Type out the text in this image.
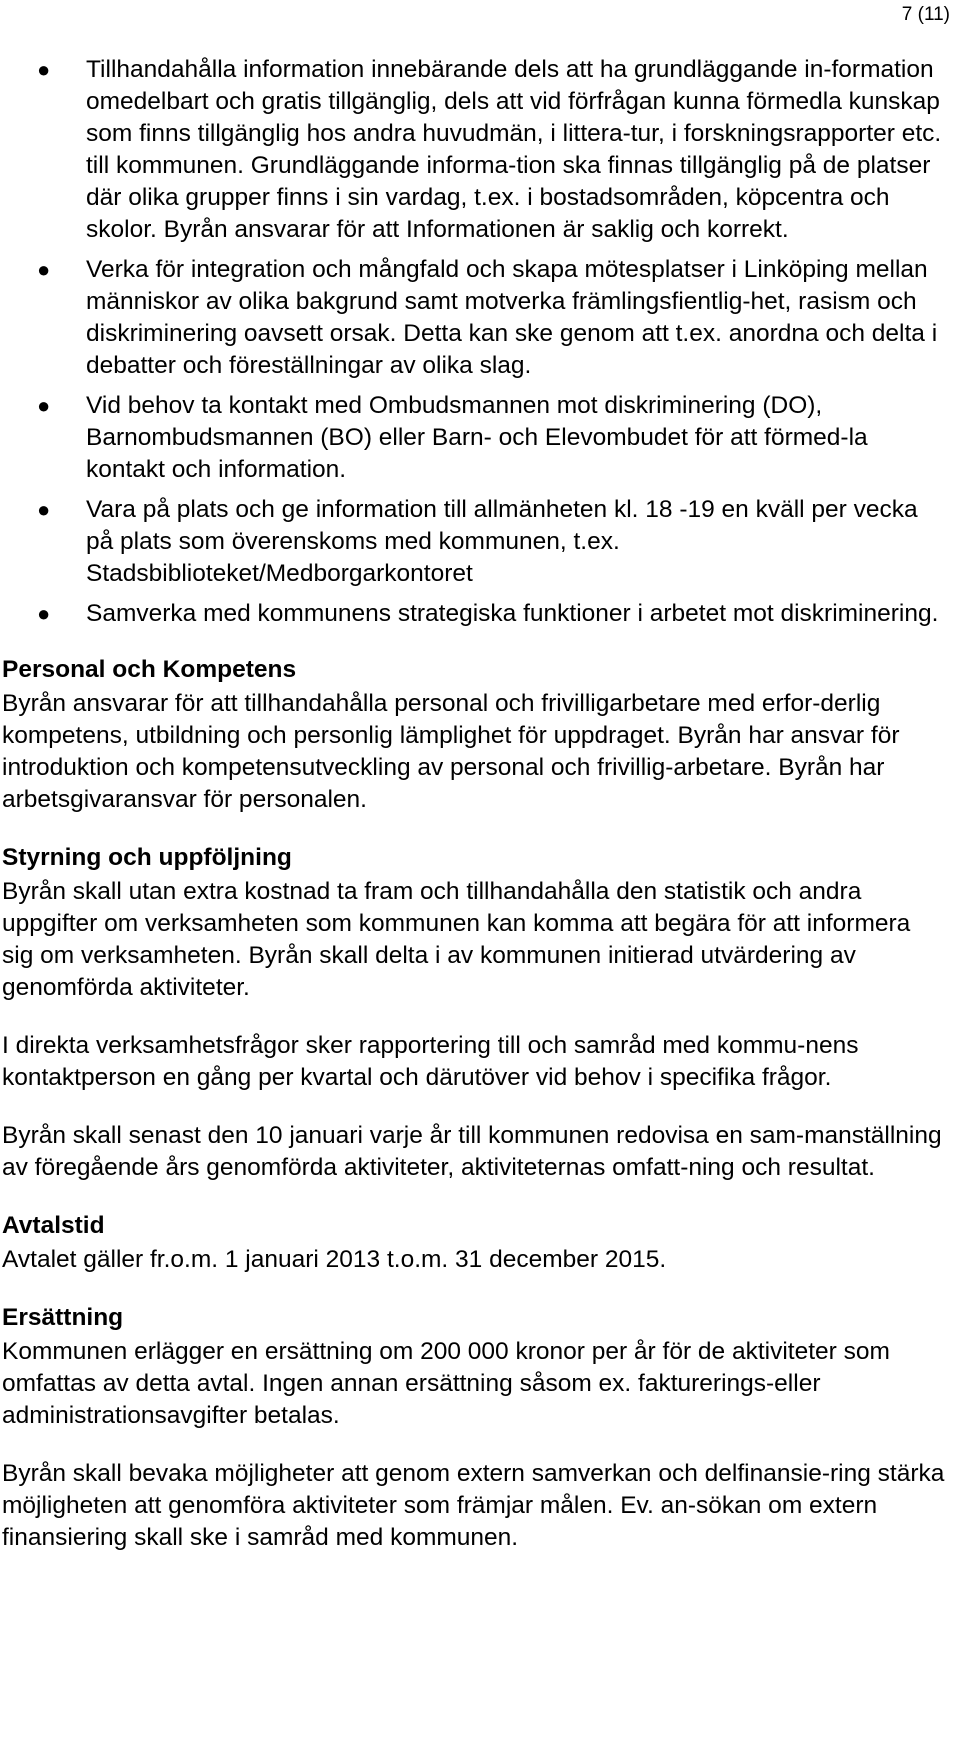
7 (11)
● Tillhandahålla information innebärande dels att ha grundläggande in-formation omedelbart och gratis tillgänglig, dels att vid förfrågan kunna förmedla kunskap som finns tillgänglig hos andra huvudmän, i littera-tur, i forskningsrapporter etc. till kommunen. Grundläggande informa-tion ska finnas tillgänglig på de platser där olika grupper finns i sin vardag, t.ex. i bostadsområden, köpcentra och skolor. Byrån ansvarar för att Informationen är saklig och korrekt.
● Verka för integration och mångfald och skapa mötesplatser i Linköping mellan människor av olika bakgrund samt motverka främlingsfientlig-het, rasism och diskriminering oavsett orsak. Detta kan ske genom att t.ex. anordna och delta i debatter och föreställningar av olika slag.
● Vid behov ta kontakt med Ombudsmannen mot diskriminering (DO), Barnombudsmannen (BO) eller Barn- och Elevombudet för att förmed-la kontakt och information.
● Vara på plats och ge information till allmänheten kl. 18 -19 en kväll per vecka på plats som överenskoms med kommunen, t.ex. Stadsbiblioteket/Medborgarkontoret
● Samverka med kommunens strategiska funktioner i arbetet mot diskriminering.
Personal och Kompetens

Byrån ansvarar för att tillhandahålla personal och frivilligarbetare med erfor-derlig kompetens, utbildning och personlig lämplighet för uppdraget. Byrån har ansvar för introduktion och kompetensutveckling av personal och frivillig-arbetare. Byrån har arbetsgivaransvar för personalen.

Styrning och uppföljning

Byrån skall utan extra kostnad ta fram och tillhandahålla den statistik och andra uppgifter om verksamheten som kommunen kan komma att begära för att informera sig om verksamheten. Byrån skall delta i av kommunen initierad utvärdering av genomförda aktiviteter.

I direkta verksamhetsfrågor sker rapportering till och samråd med kommu-nens kontaktperson en gång per kvartal och därutöver vid behov i specifika frågor.

Byrån skall senast den 10 januari varje år till kommunen redovisa en sam-manställning av föregående års genomförda aktiviteter, aktiviteternas omfatt-ning och resultat.

Avtalstid

Avtalet gäller fr.o.m. 1 januari 2013 t.o.m. 31 december 2015.

Ersättning

Kommunen erlägger en ersättning om 200 000 kronor per år för de aktiviteter som omfattas av detta avtal. Ingen annan ersättning såsom ex. fakturerings-eller administrationsavgifter betalas.

Byrån skall bevaka möjligheter att genom extern samverkan och delfinansie-ring stärka möjligheten att genomföra aktiviteter som främjar målen. Ev. an-sökan om extern finansiering skall ske i samråd med kommunen.
